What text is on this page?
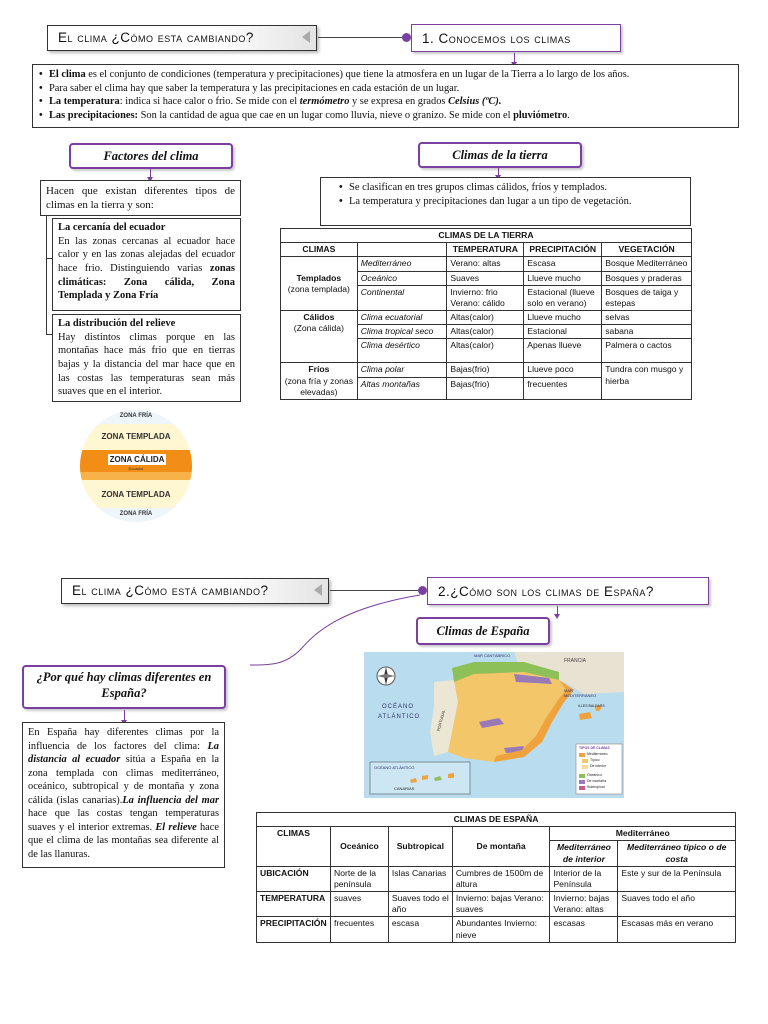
El clima ¿Cómo esta cambiando?	1. Conocemos los climas
• El clima es el conjunto de condiciones (temperatura y precipitaciones) que tiene la atmosfera en un lugar de la Tierra a lo largo de los años.
• Para saber el clima hay que saber la temperatura y las precipitaciones en cada estación de un lugar.
• La temperatura: indica si hace calor o frio. Se mide con el termómetro y se expresa en grados Celsius (ºC).
• Las precipitaciones: Son la cantidad de agua que cae en un lugar como lluvia, nieve o granizo. Se mide con el pluviómetro.
Factores del clima
Hacen que existan diferentes tipos de climas en la tierra y son:
La cercanía del ecuador
En las zonas cercanas al ecuador hace calor y en las zonas alejadas del ecuador hace frio. Distinguiendo varias zonas climáticas: Zona cálida, Zona Templada y Zona Fría
La distribución del relieve
Hay distintos climas porque en las montañas hace más frio que en tierras bajas y la distancia del mar hace que en las costas las temperaturas sean más suaves que en el interior.
ZONA FRÍA
ZONA TEMPLADA
ZONA CÁLIDA
Ecuador
ZONA TEMPLADA
ZONA FRÍA
Climas de la tierra
• Se clasifican en tres grupos climas cálidos, fríos y templados.
• La temperatura y precipitaciones dan lugar a un tipo de vegetación.
CLIMAS DE LA TIERRA				
CLIMAS		TEMPERATURA	PRECIPITACIÓN	VEGETACIÓN
Templados
(zona templada)	Mediterráneo	Verano: altas	Escasa	Bosque Mediterráneo
	Oceánico	Suaves	Llueve mucho	Bosques y praderas
	Continental	Invierno: frio Verano: cálido	Estacional (llueve solo en verano)	Bosques de taiga y estepas
Cálidos
(Zona cálida)	Clima ecuatorial	Altas(calor)	Llueve mucho	selvas
	Clima tropical seco	Altas(calor)	Estacional	sabana
	Clima desértico	Altas(calor)	Apenas llueve	Palmera o cactos
Fríos
(zona fría y zonas elevadas)	Clima polar	Bajas(frio)	Llueve poco	Tundra con musgo y hierba
	Altas montañas	Bajas(frio)	frecuentes	
El clima ¿Cómo está cambiando?	2.¿Cómo son los climas de España?
Climas de España
¿Por qué hay climas diferentes en España?
En España hay diferentes climas por la influencia de los factores del clima: La distancia al ecuador sitúa a España en la zona templada con climas mediterráneo, oceánico, subtropical y de montaña y zona cálida (islas canarias).La influencia del mar hace que las costas tengan temperaturas suaves y el interior extremas. El relieve hace que el clima de las montañas sea diferente al de las llanuras.
MAR CANTÁBRICO
FRANCIA
OCÉANO
ATLÁNTICO	PORTUGAL
MAR MEDITERRÁNEO
ILLES BALEARS
OCÉANO ATLÁNTICO
CANARIAS
TIPOS DE CLIMAS
Mediterráneo
Típico
De interior
Oceánico
De montaña
Subtropical
CLIMAS DE ESPAÑA					
CLIMAS	Oceánico	Subtropical	De montaña	Mediterráneo	
				Mediterráneo de interior	Mediterráneo típico o de costa
UBICACIÓN	Norte de la península	Islas Canarias	Cumbres de 1500m de altura	Interior de la Península	Este y sur de la Península
TEMPERATURA	suaves	Suaves todo el año	Invierno: bajas Verano: suaves	Invierno: bajas Verano: altas	Suaves todo el año
PRECIPITACIÓN	frecuentes	escasa	Abundantes Invierno: nieve	escasas	Escasas más en verano
